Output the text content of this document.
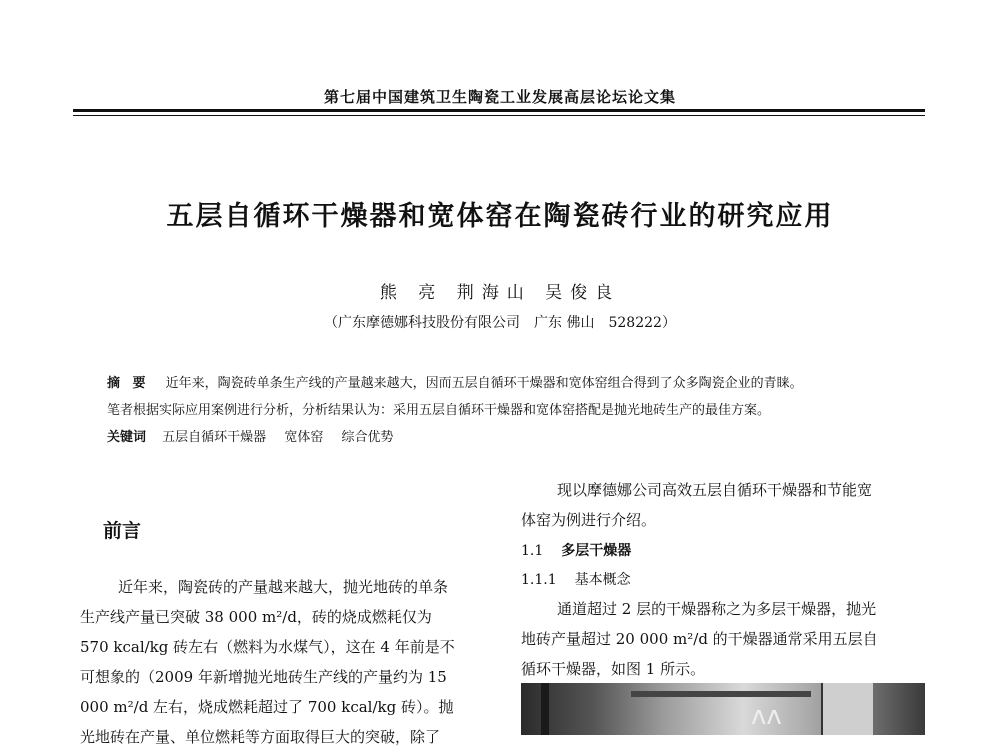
第七届中国建筑卫生陶瓷工业发展高层论坛论文集
五层自循环干燥器和宽体窑在陶瓷砖行业的研究应用
熊 亮 荆海山 吴俊良
（广东摩德娜科技股份有限公司　广东 佛山　528222）
摘 要 近年来，陶瓷砖单条生产线的产量越来越大，因而五层自循环干燥器和宽体窑组合得到了众多陶瓷企业的青睐。
笔者根据实际应用案例进行分析，分析结果认为：采用五层自循环干燥器和宽体窑搭配是抛光地砖生产的最佳方案。
关键词 五层自循环干燥器 宽体窑 综合优势
前言
近年来，陶瓷砖的产量越来越大，抛光地砖的单条
生产线产量已突破 38 000 m²/d，砖的烧成燃耗仅为
570 kcal/kg 砖左右（燃料为水煤气），这在 4 年前是不
可想象的（2009 年新增抛光地砖生产线的产量约为 15
000 m²/d 左右，烧成燃耗超过了 700 kcal/kg 砖）。抛
光地砖在产量、单位燃耗等方面取得巨大的突破，除了
现以摩德娜公司高效五层自循环干燥器和节能宽
体窑为例进行介绍。
1.1 多层干燥器
1.1.1 基本概念
通道超过 2 层的干燥器称之为多层干燥器，抛光
地砖产量超过 20 000 m²/d 的干燥器通常采用五层自
循环干燥器，如图 1 所示。
ᴧᴧ
